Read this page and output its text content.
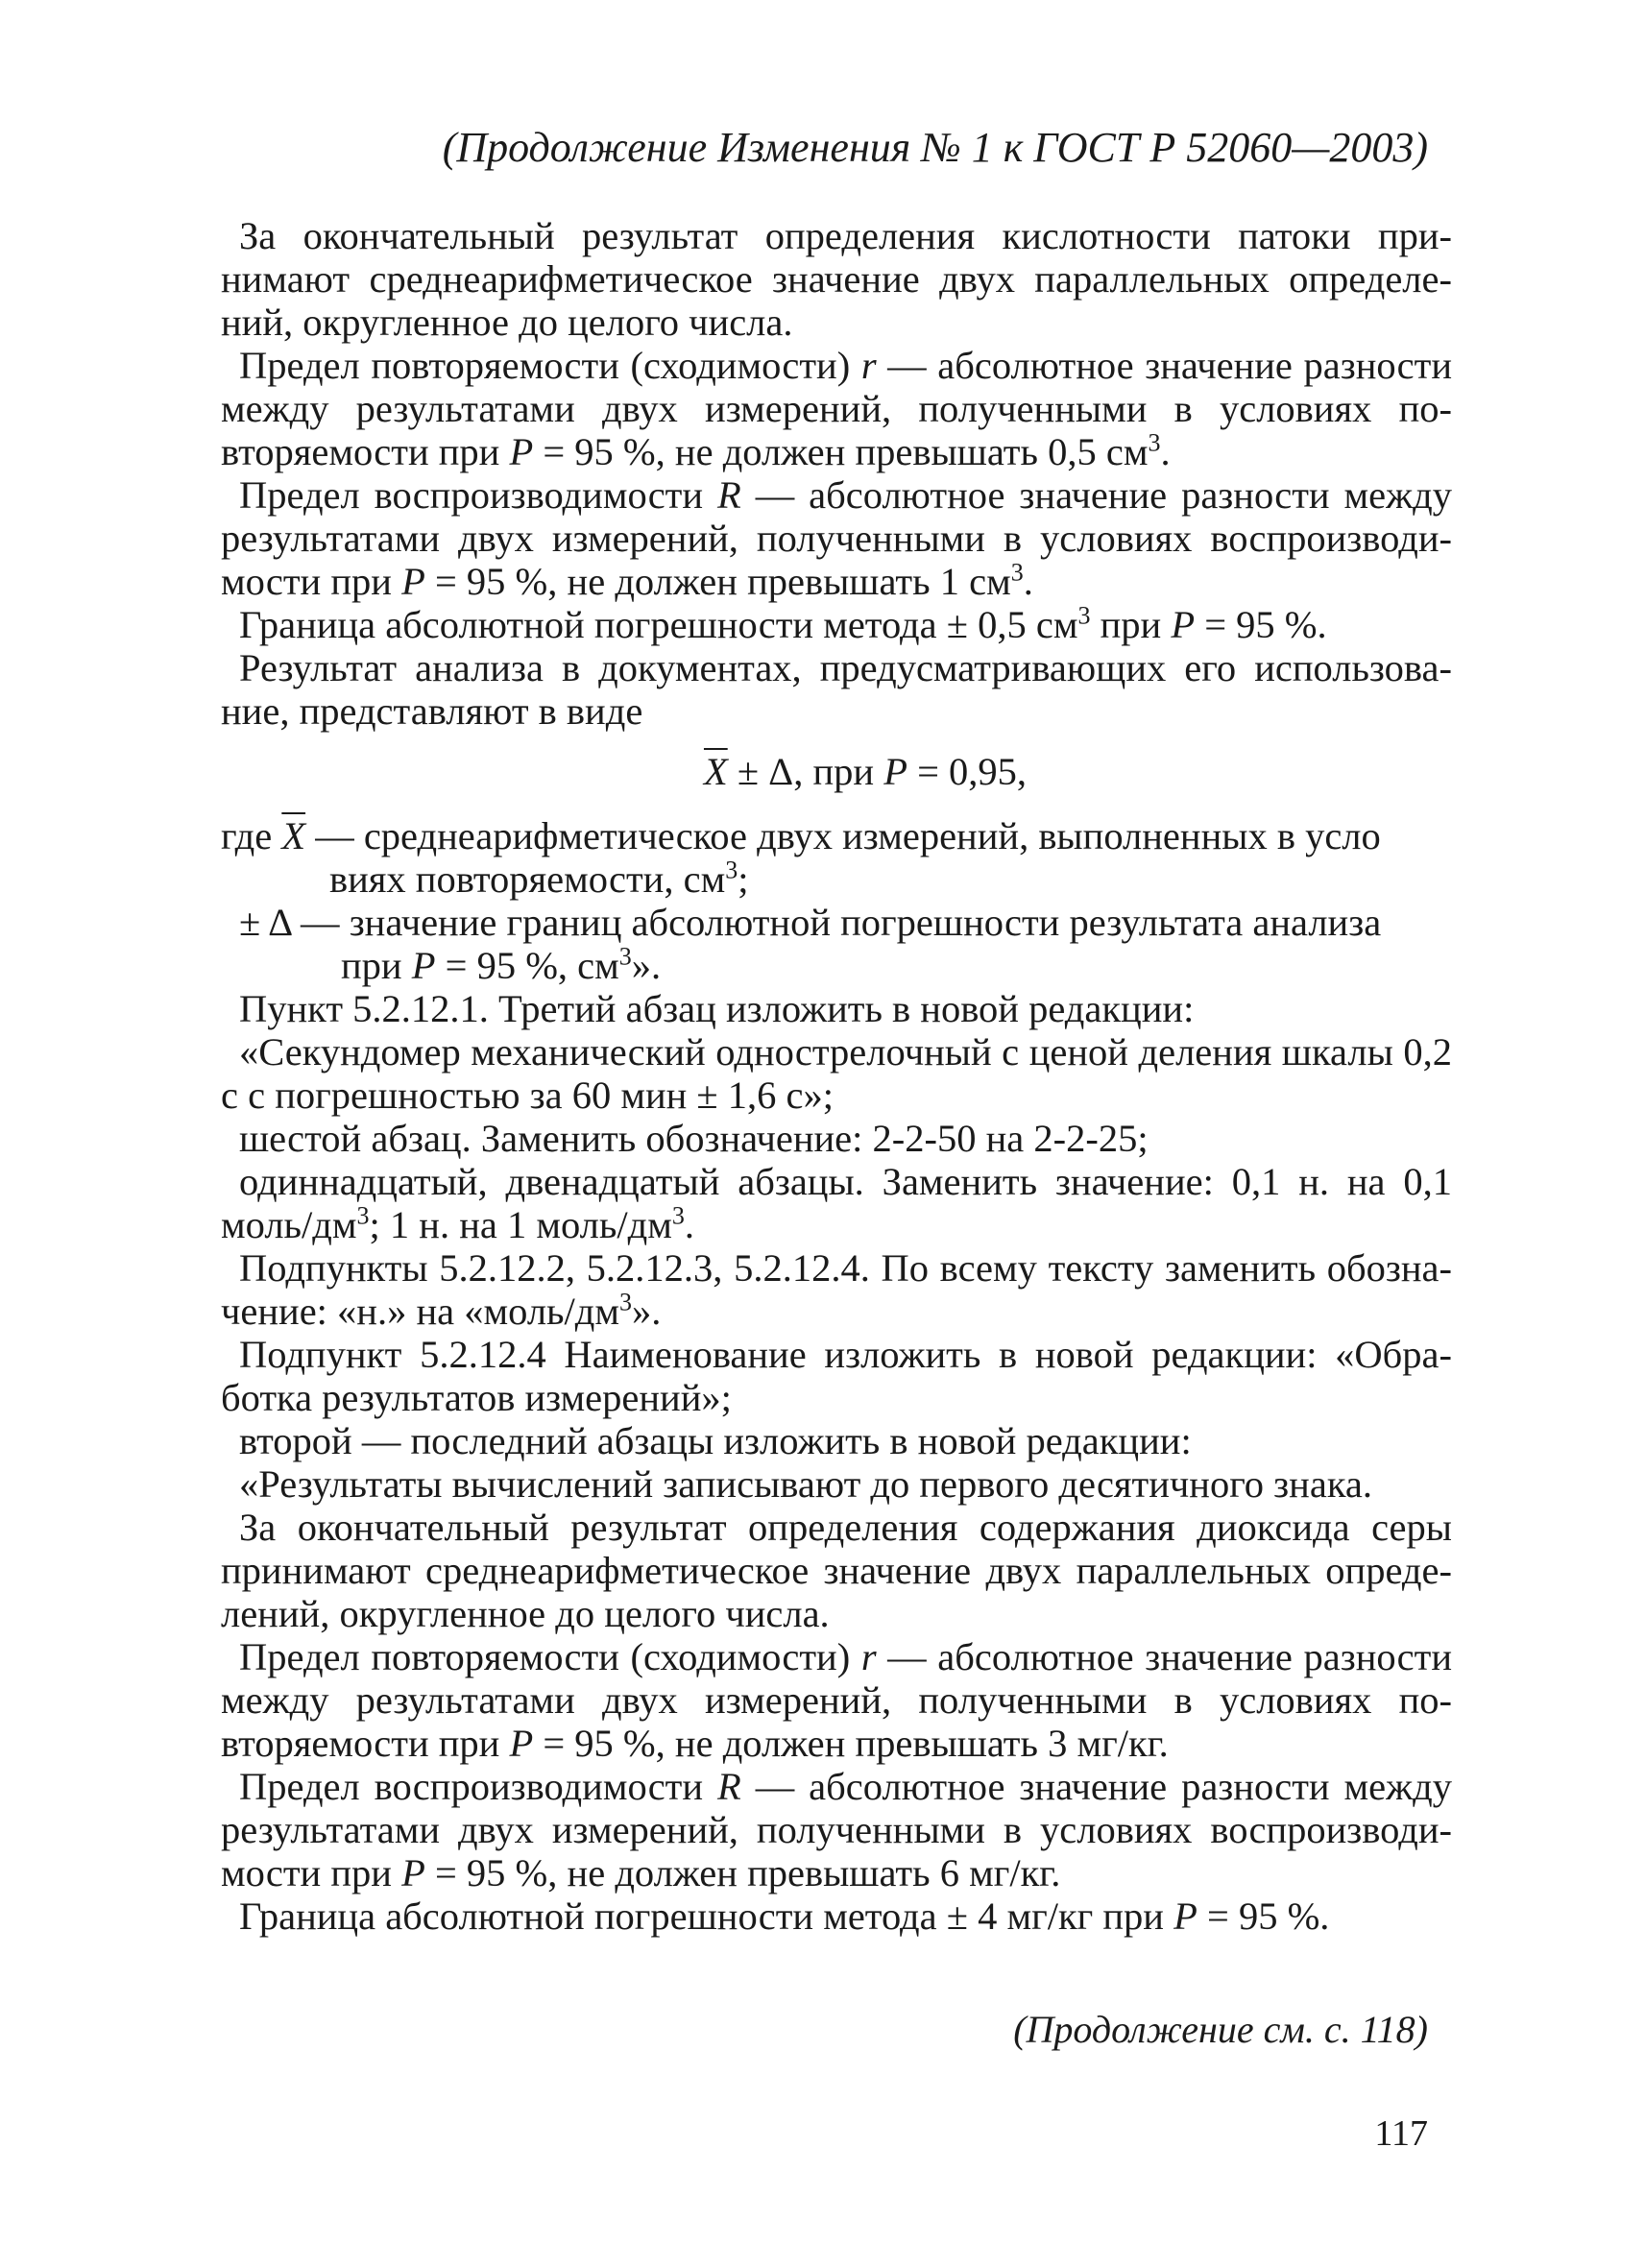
(Продолжение Изменения № 1 к ГОСТ Р 52060—2003)

За окончательный результат определения кислотности патоки принимают среднеарифметическое значение двух параллельных определений, округленное до целого числа.

Предел повторяемости (сходимости) r — абсолютное значение разности между результатами двух измерений, полученными в условиях повторяемости при P = 95 %, не должен превышать 0,5 $см^3$.

Предел воспроизводимости R — абсолютное значение разности между результатами двух измерений, полученными в условиях воспроизводимости при P = 95 %, не должен превышать 1 $см^3$.

Граница абсолютной погрешности метода ± 0,5 $см^3$ при P = 95 %.

Результат анализа в документах, предусматривающих его использование, представляют в виде

$\overline{X} \pm \Delta$, при P = 0,95,
где $\overline{X}$ — среднеарифметическое двух измерений, выполненных в усло
виях повторяемости, $см^3$;
± Δ — значение границ абсолютной погрешности результата анализа
при P = 95 %, $см^3$».

Пункт 5.2.12.1. Третий абзац изложить в новой редакции:

«Секундомер механический однострелочный с ценой деления шкалы 0,2 с с погрешностью за 60 мин ± 1,6 с»;

шестой абзац. Заменить обозначение: 2-2-50 на 2-2-25;

одиннадцатый, двенадцатый абзацы. Заменить значение: 0,1 н. на 0,1 моль/$дм^3$; 1 н. на 1 моль/$дм^3$.

Подпункты 5.2.12.2, 5.2.12.3, 5.2.12.4. По всему тексту заменить обозначение: «н.» на «$моль/дм^3$».

Подпункт 5.2.12.4 Наименование изложить в новой редакции: «Обработка результатов измерений»;

второй — последний абзацы изложить в новой редакции:

«Результаты вычислений записывают до первого десятичного знака.

За окончательный результат определения содержания диоксида серы принимают среднеарифметическое значение двух параллельных определений, округленное до целого числа.

Предел повторяемости (сходимости) r — абсолютное значение разности между результатами двух измерений, полученными в условиях повторяемости при P = 95 %, не должен превышать 3 мг/кг.

Предел воспроизводимости R — абсолютное значение разности между результатами двух измерений, полученными в условиях воспроизводимости при P = 95 %, не должен превышать 6 мг/кг.

Граница абсолютной погрешности метода ± 4 мг/кг при P = 95 %.

(Продолжение см. с. 118)
117
